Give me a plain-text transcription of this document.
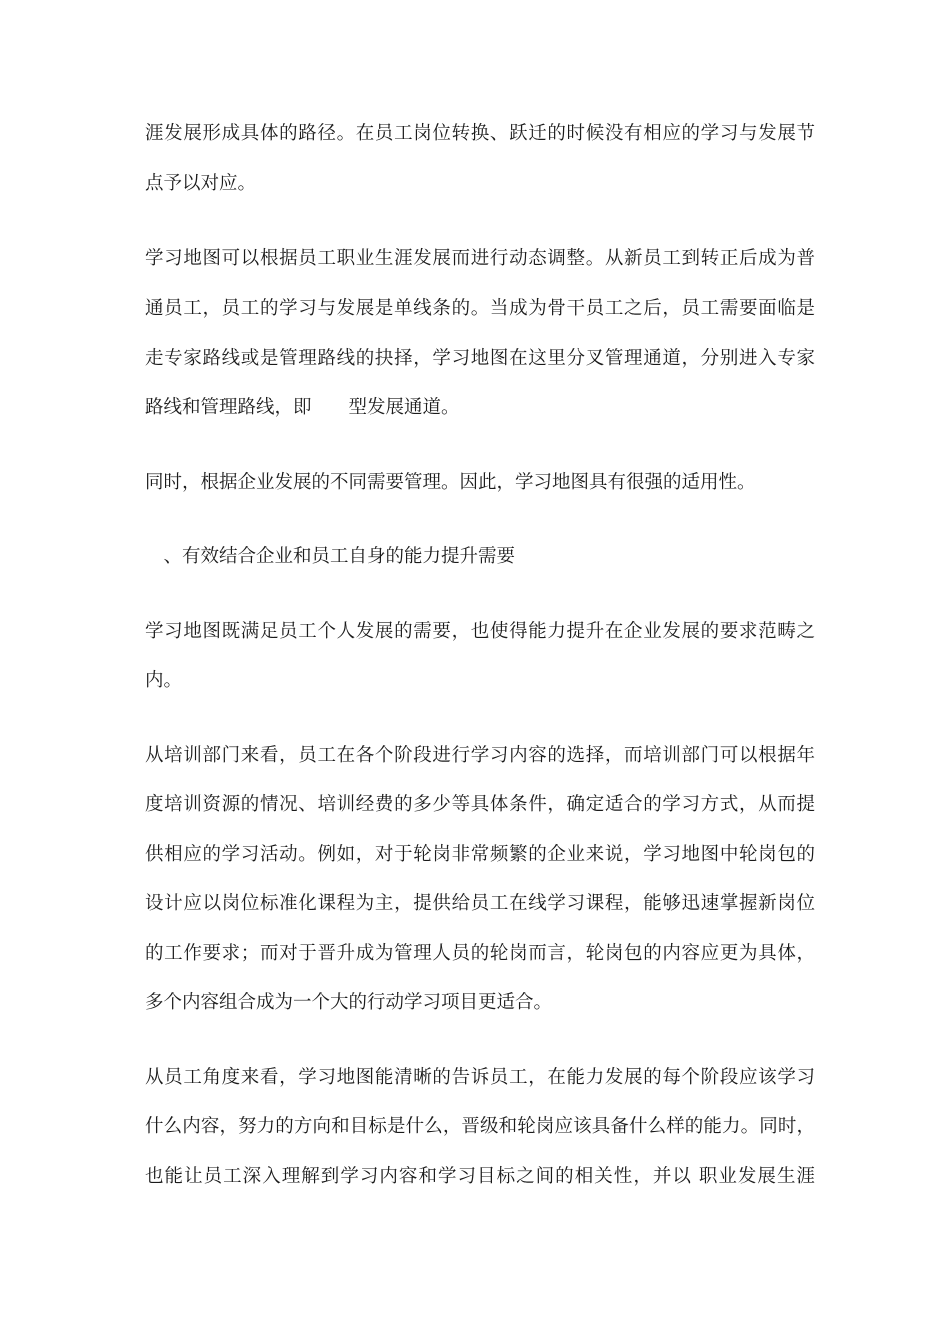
涯发展形成具体的路径。在员工岗位转换、跃迁的时候没有相应的学习与发展节
点予以对应。
学习地图可以根据员工职业生涯发展而进行动态调整。从新员工到转正后成为普
通员工，员工的学习与发展是单线条的。当成为骨干员工之后，员工需要面临是
走专家路线或是管理路线的抉择，学习地图在这里分叉管理通道，分别进入专家
路线和管理路线，即　　型发展通道。
同时，根据企业发展的不同需要管理。因此，学习地图具有很强的适用性。
　、有效结合企业和员工自身的能力提升需要
学习地图既满足员工个人发展的需要，也使得能力提升在企业发展的要求范畴之
内。
从培训部门来看，员工在各个阶段进行学习内容的选择，而培训部门可以根据年
度培训资源的情况、培训经费的多少等具体条件，确定适合的学习方式，从而提
供相应的学习活动。例如，对于轮岗非常频繁的企业来说，学习地图中轮岗包的
设计应以岗位标准化课程为主，提供给员工在线学习课程，能够迅速掌握新岗位
的工作要求；而对于晋升成为管理人员的轮岗而言，轮岗包的内容应更为具体，
多个内容组合成为一个大的行动学习项目更适合。
从员工角度来看，学习地图能清晰的告诉员工，在能力发展的每个阶段应该学习
什么内容，努力的方向和目标是什么，晋级和轮岗应该具备什么样的能力。同时，
也能让员工深入理解到学习内容和学习目标之间的相关性，并以 职业发展生涯
